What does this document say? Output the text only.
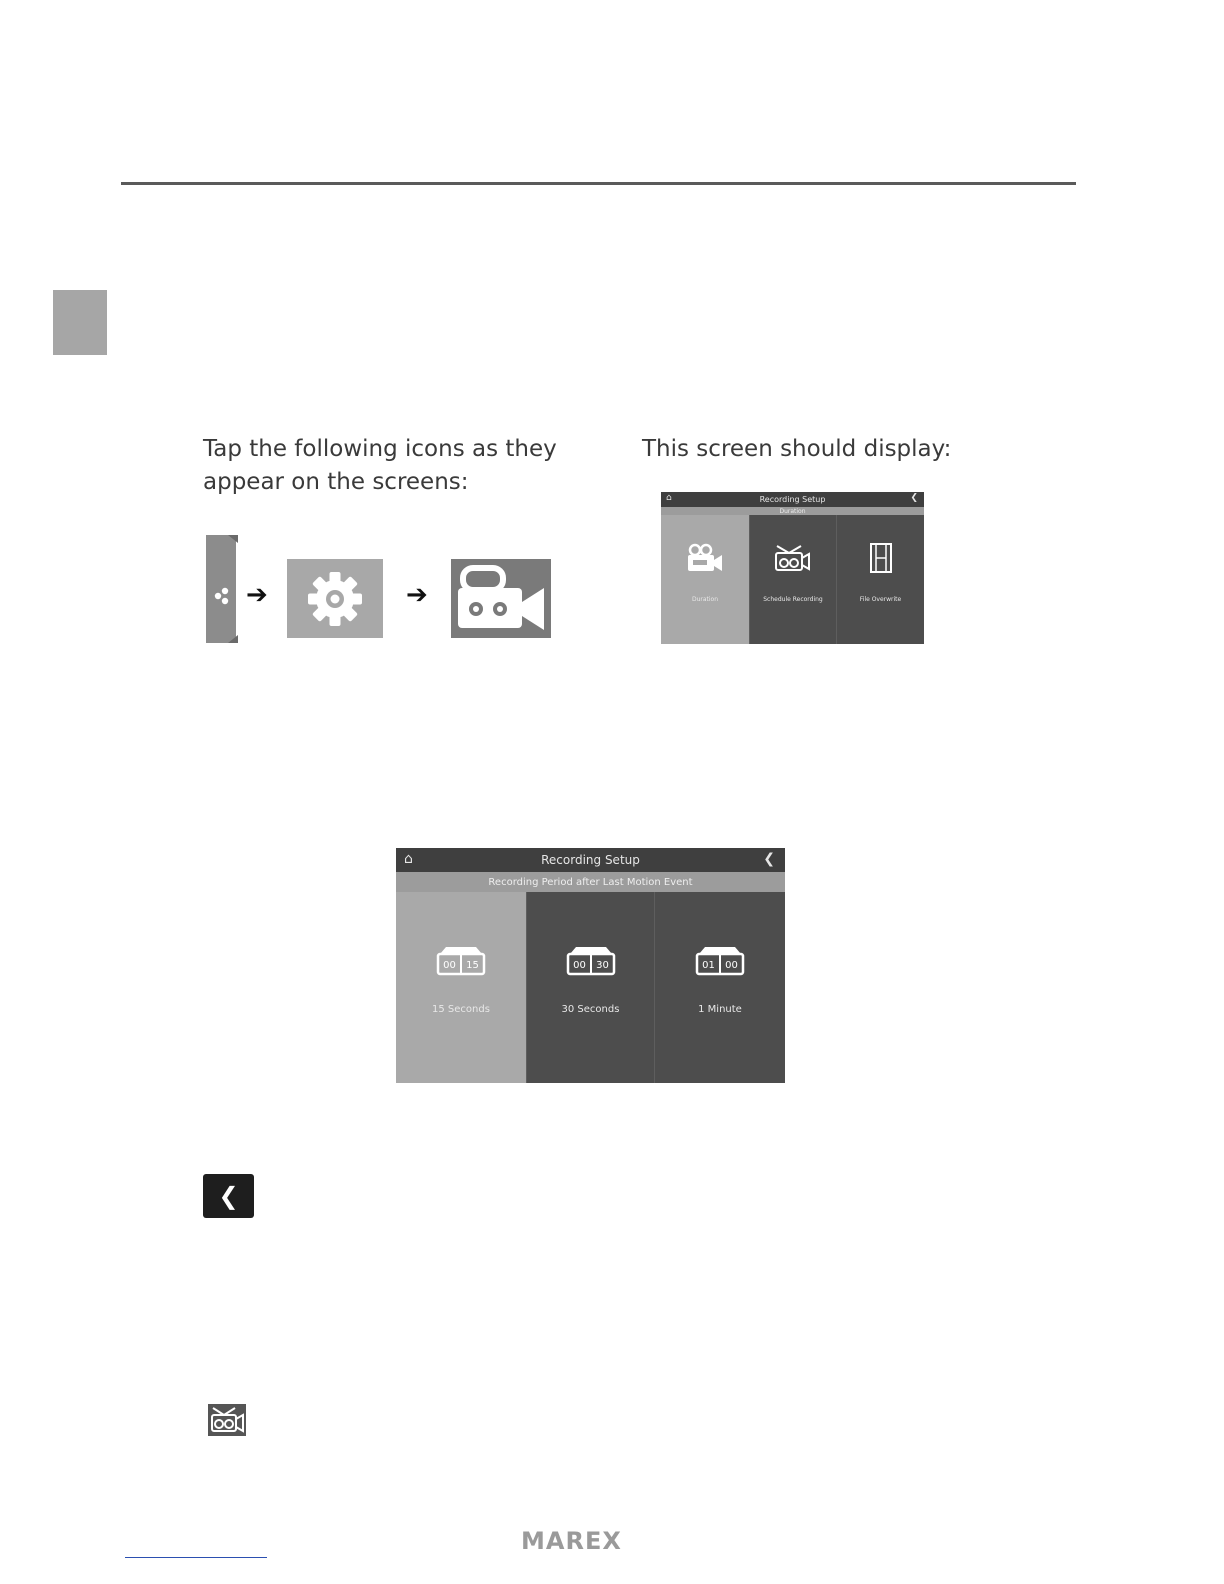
Tap the following icons as they
appear on the screens:
This screen should display:
➔	➔
⌂	Recording Setup	❮
Duration
Duration	Schedule Recording	File Overwrite
⌂	Recording Setup	❮
Recording Period after Last Motion Event
00 15
15 Seconds
00 30
30 Seconds
01 00
1 Minute
❮
MAREX
